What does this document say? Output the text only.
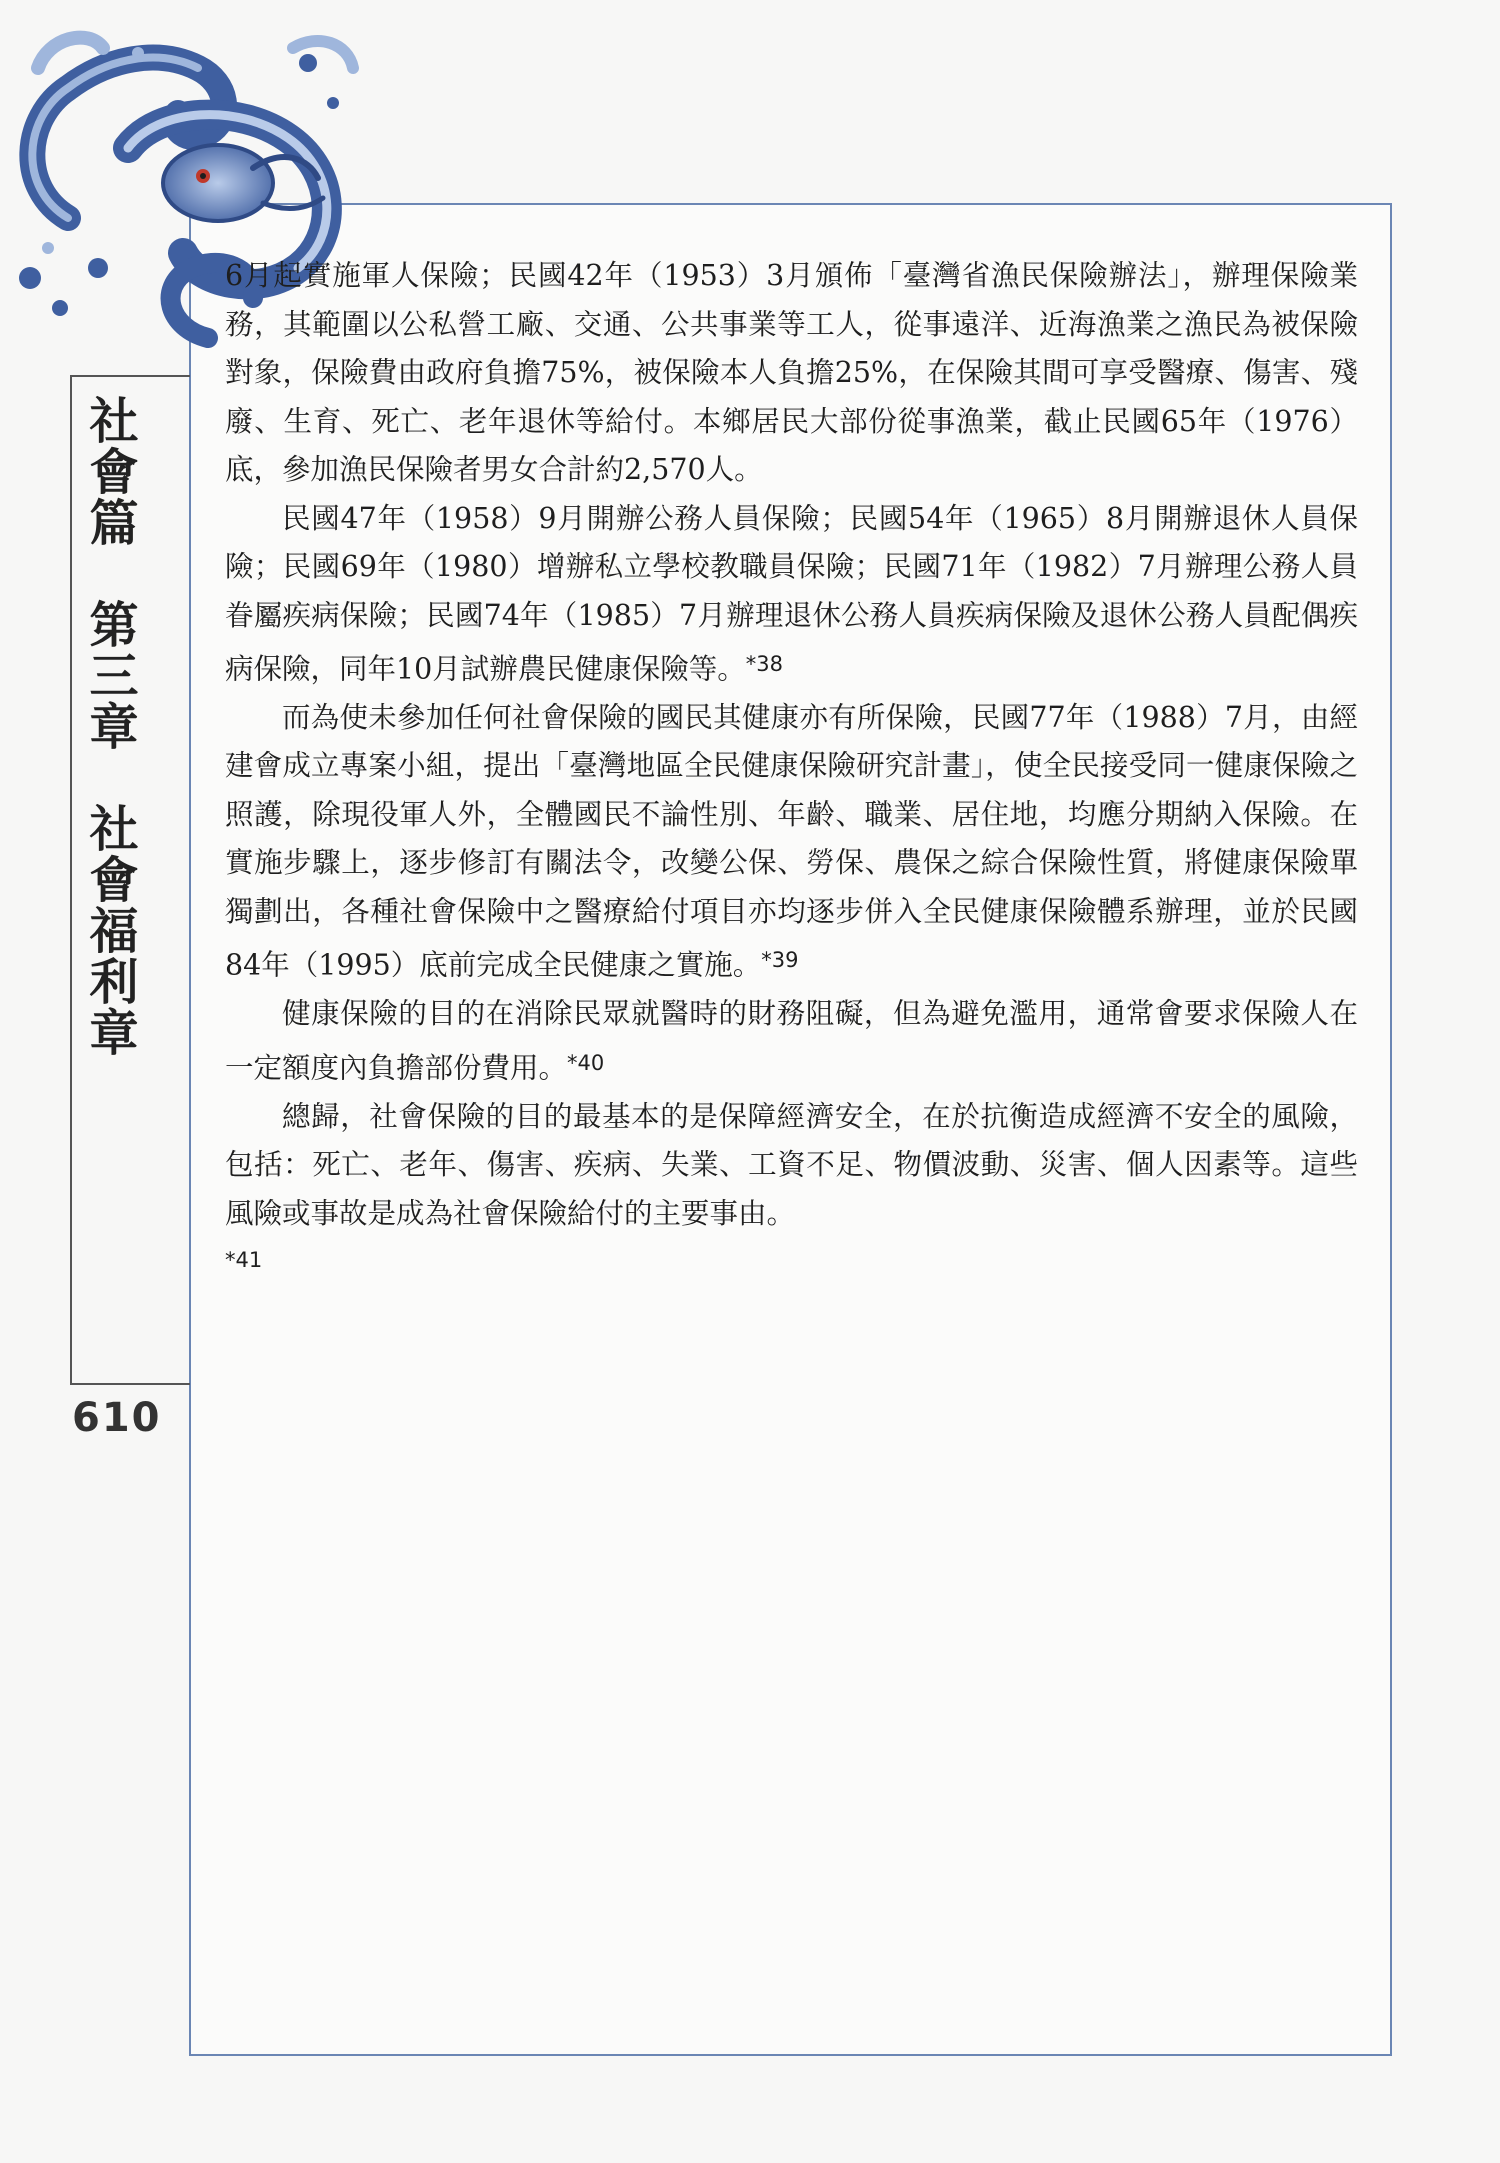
社會篇　第三章　社會福利章
610

6月起實施軍人保險；民國42年（1953）3月頒佈「臺灣省漁民保險辦法」，辦理保險業務，其範圍以公私營工廠、交通、公共事業等工人，從事遠洋、近海漁業之漁民為被保險對象，保險費由政府負擔75%，被保險本人負擔25%，在保險其間可享受醫療、傷害、殘廢、生育、死亡、老年退休等給付。本鄉居民大部份從事漁業，截止民國65年（1976）底，參加漁民保險者男女合計約2,570人。

民國47年（1958）9月開辦公務人員保險；民國54年（1965）8月開辦退休人員保險；民國69年（1980）增辦私立學校教職員保險；民國71年（1982）7月辦理公務人員眷屬疾病保險；民國74年（1985）7月辦理退休公務人員疾病保險及退休公務人員配偶疾病保險，同年10月試辦農民健康保險等。$^{*38}$

而為使未參加任何社會保險的國民其健康亦有所保險，民國77年（1988）7月，由經建會成立專案小組，提出「臺灣地區全民健康保險研究計畫」，使全民接受同一健康保險之照護，除現役軍人外，全體國民不論性別、年齡、職業、居住地，均應分期納入保險。在實施步驟上，逐步修訂有關法令，改變公保、勞保、農保之綜合保險性質，將健康保險單獨劃出，各種社會保險中之醫療給付項目亦均逐步併入全民健康保險體系辦理，並於民國84年（1995）底前完成全民健康之實施。$^{*39}$

健康保險的目的在消除民眾就醫時的財務阻礙，但為避免濫用，通常會要求保險人在一定額度內負擔部份費用。$^{*40}$

總歸，社會保險的目的最基本的是保障經濟安全，在於抗衡造成經濟不安全的風險，包括：死亡、老年、傷害、疾病、失業、工資不足、物價波動、災害、個人因素等。這些風險或事故是成為社會保險給付的主要事由。

*41
